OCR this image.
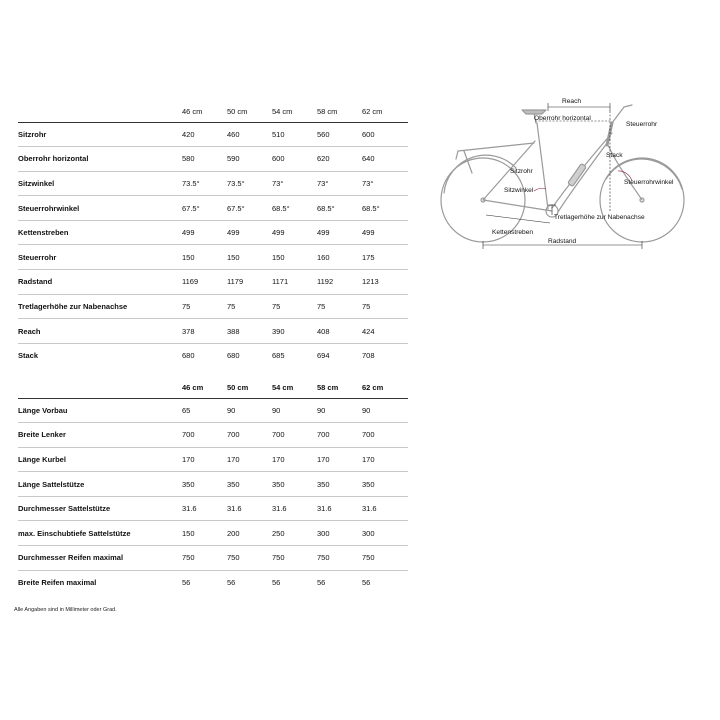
	46 cm	50 cm	54 cm	58 cm	62 cm
Sitzrohr	420	460	510	560	600
Oberrohr horizontal	580	590	600	620	640
Sitzwinkel	73.5°	73.5°	73°	73°	73°
Steuerrohrwinkel	67.5°	67.5°	68.5°	68.5°	68.5°
Kettenstreben	499	499	499	499	499
Steuerrohr	150	150	150	160	175
Radstand	1169	1179	1171	1192	1213
Tretlagerhöhe zur Nabenachse	75	75	75	75	75
Reach	378	388	390	408	424
Stack	680	680	685	694	708
	46 cm	50 cm	54 cm	58 cm	62 cm
Länge Vorbau	65	90	90	90	90
Breite Lenker	700	700	700	700	700
Länge Kurbel	170	170	170	170	170
Länge Sattelstütze	350	350	350	350	350
Durchmesser Sattelstütze	31.6	31.6	31.6	31.6	31.6
max. Einschubtiefe Sattelstütze	150	200	250	300	300
Durchmesser Reifen maximal	750	750	750	750	750
Breite Reifen maximal	56	56	56	56	56
Alle Angaben sind in Millimeter oder Grad.
Reach
Oberrohr horizontal
Steuerrohr
Stack
Sitzrohr
Sitzwinkel
Steuerrohrwinkel
Tretlagerhöhe zur Nabenachse
Kettenstreben
Radstand
